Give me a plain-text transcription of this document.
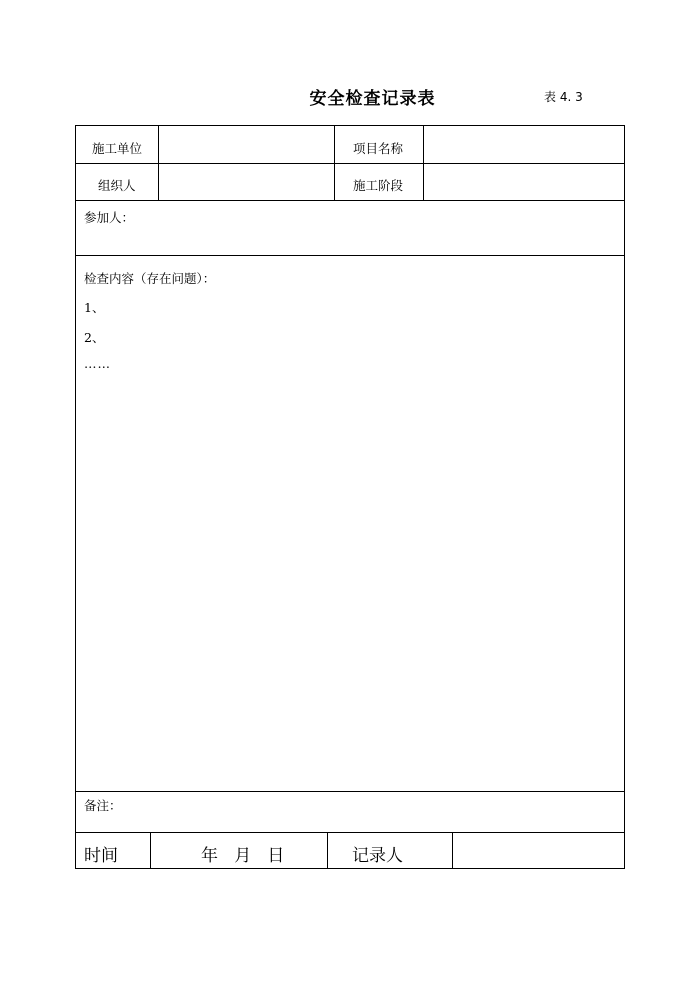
安全检查记录表	表 4. 3
施工单位	项目名称
组织人	施工阶段
参加人：
检查内容（存在问题）：
1、
2、
……
备注：
时间	年   月   日	记录人
